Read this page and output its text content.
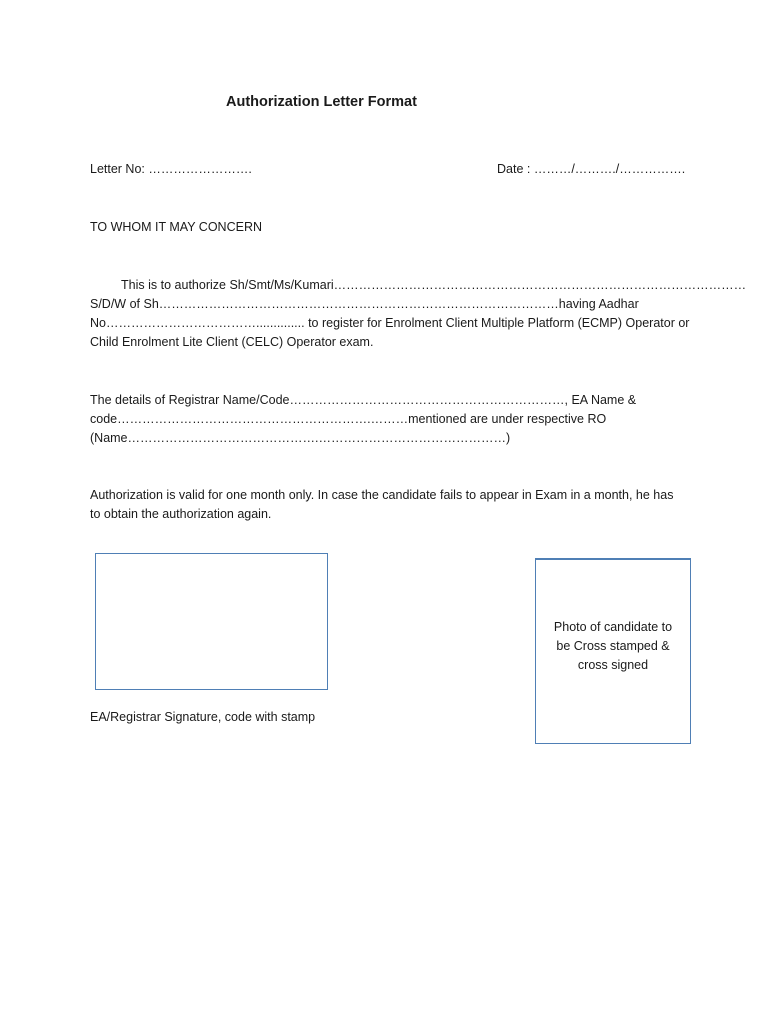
Authorization Letter Format
Letter No: …………………….	Date : ………/………./…………….
TO WHOM IT MAY CONCERN
This is to authorize Sh/Smt/Ms/Kumari………………………………………………………………………………………
S/D/W of Sh……………………………………………………………………………………having Aadhar
No……………………………….............. to register for Enrolment Client Multiple Platform (ECMP) Operator or
Child Enrolment Lite Client (CELC) Operator exam.
The details of Registrar Name/Code…………………………………………………………, EA Name &
code…………………………………………………….………mentioned are under respective RO
(Name……………………………………….………………………………………)
Authorization is valid for one month only. In case the candidate fails to appear in Exam in a month, he has
to obtain the authorization again.
EA/Registrar Signature, code with stamp
Photo of candidate to
be Cross stamped &
cross signed
